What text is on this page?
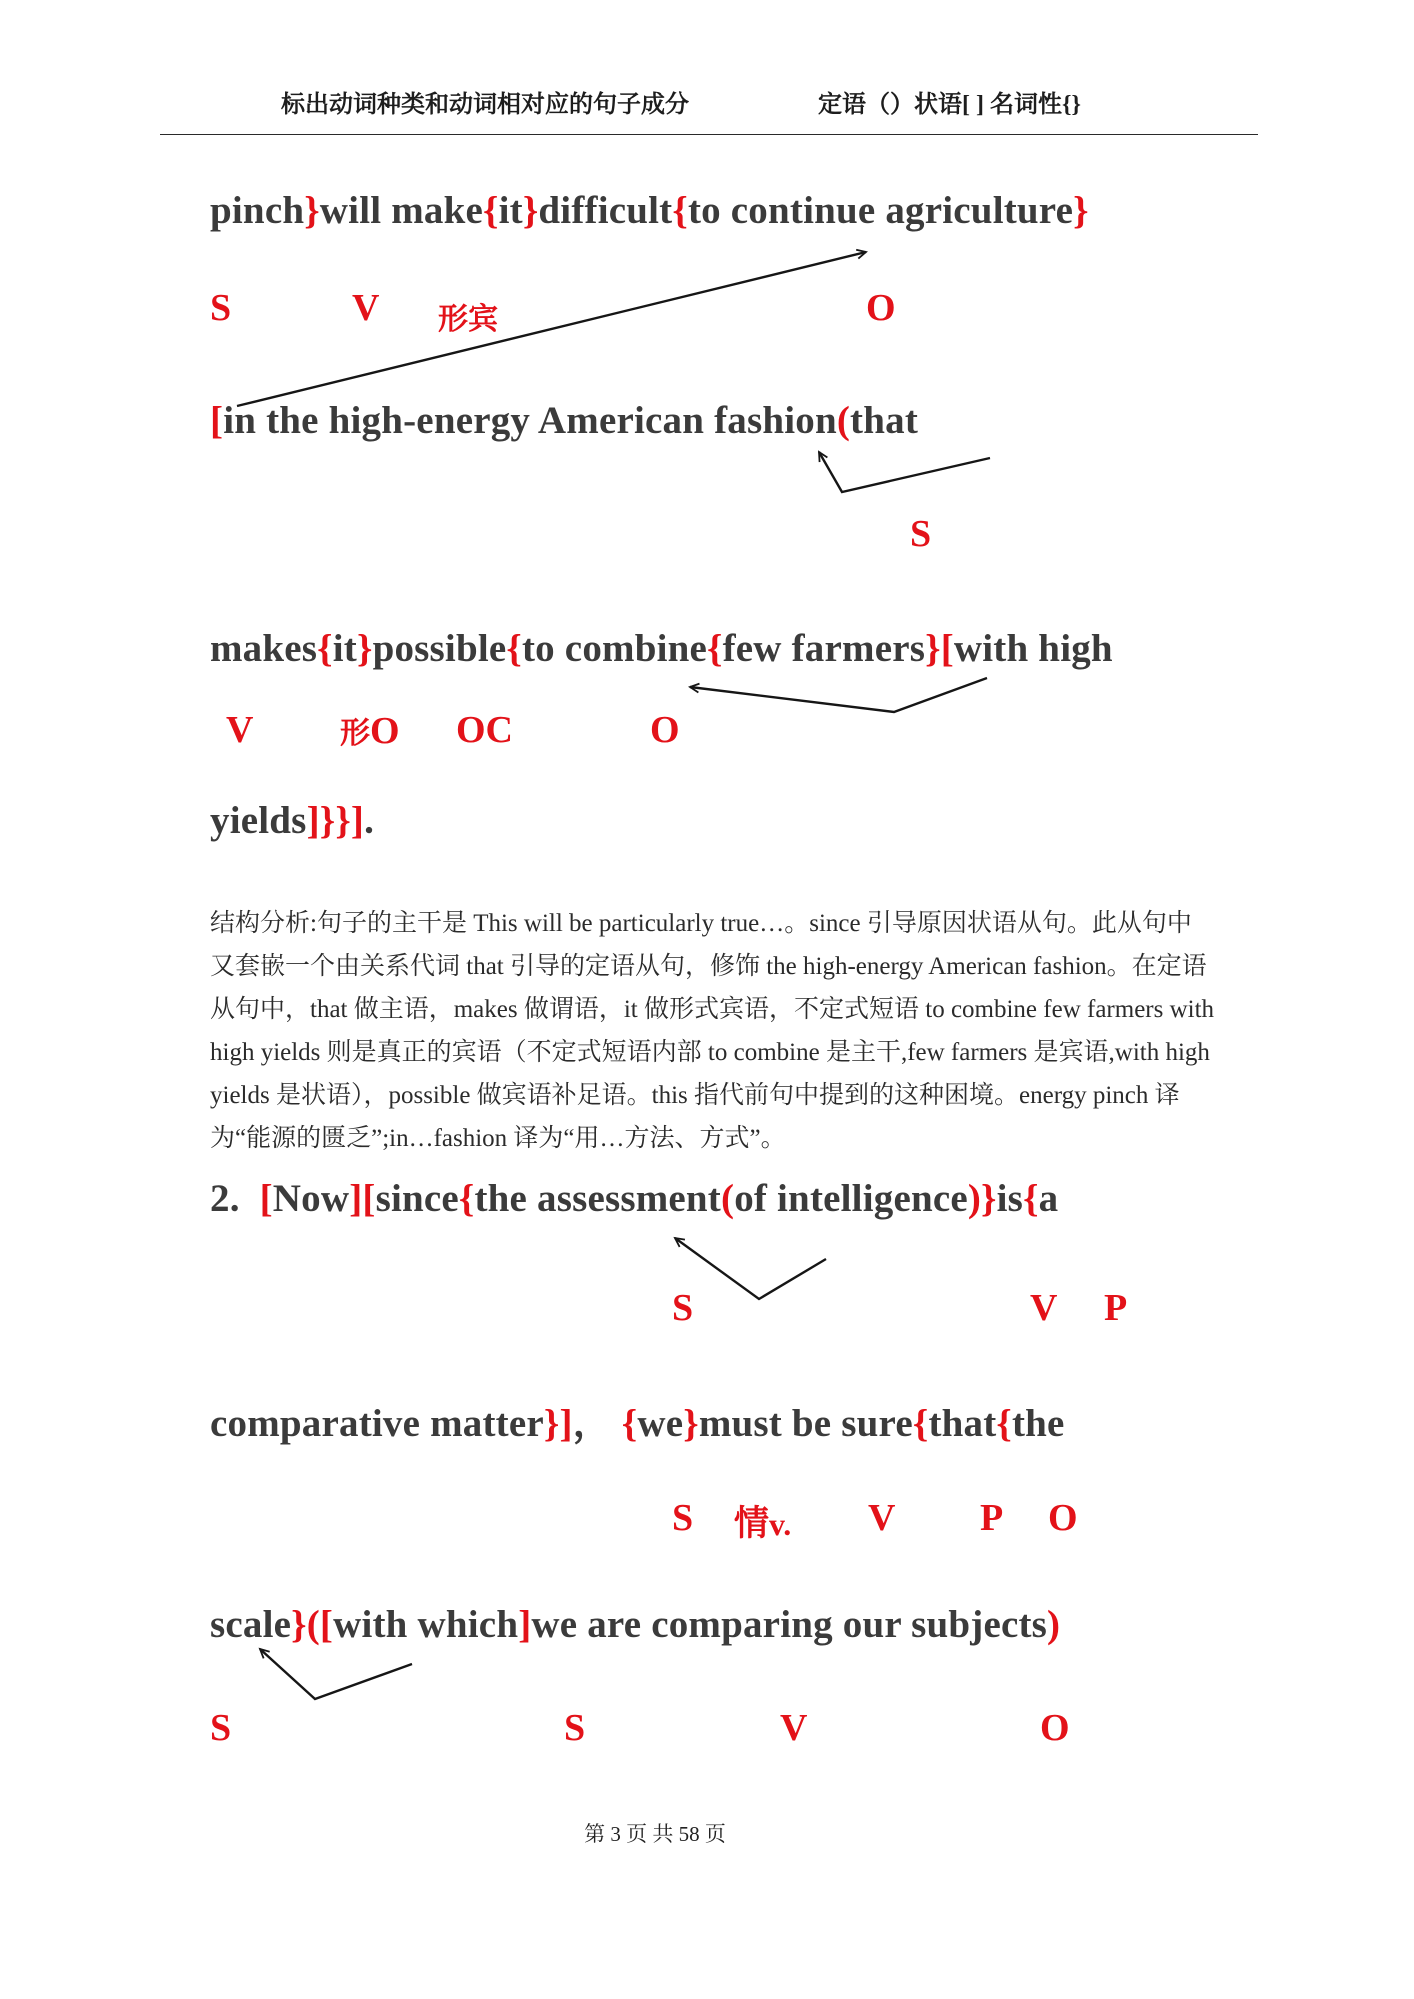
标出动词种类和动词相对应的句子成分	定语（）状语[ ] 名词性{}
pinch}will make{it}difficult{to continue agriculture}
S	V 形宾	O
[in the high-energy American fashion(that
S
makes{it}possible{to combine{few farmers}[with high
V	形O OC	O
yields]}}].
结构分析:句子的主干是 This will be particularly true…。since 引导原因状语从句。此从句中
又套嵌一个由关系代词 that 引导的定语从句，修饰 the high-energy American fashion。在定语
从句中，that 做主语，makes 做谓语，it 做形式宾语，不定式短语 to combine few farmers with
high yields 则是真正的宾语（不定式短语内部 to combine 是主干,few farmers 是宾语,with high
yields 是状语），possible 做宾语补足语。this 指代前句中提到的这种困境。energy pinch 译
为“能源的匮乏”;in…fashion 译为“用…方法、方式”。
2.  [Now][since{the assessment(of intelligence)}is{a
S	V P
comparative matter}]， {we}must be sure{that{the
S 情v. V P O
scale}([with which]we are comparing our subjects)
S	S	V	O
第 3 页 共 58 页
